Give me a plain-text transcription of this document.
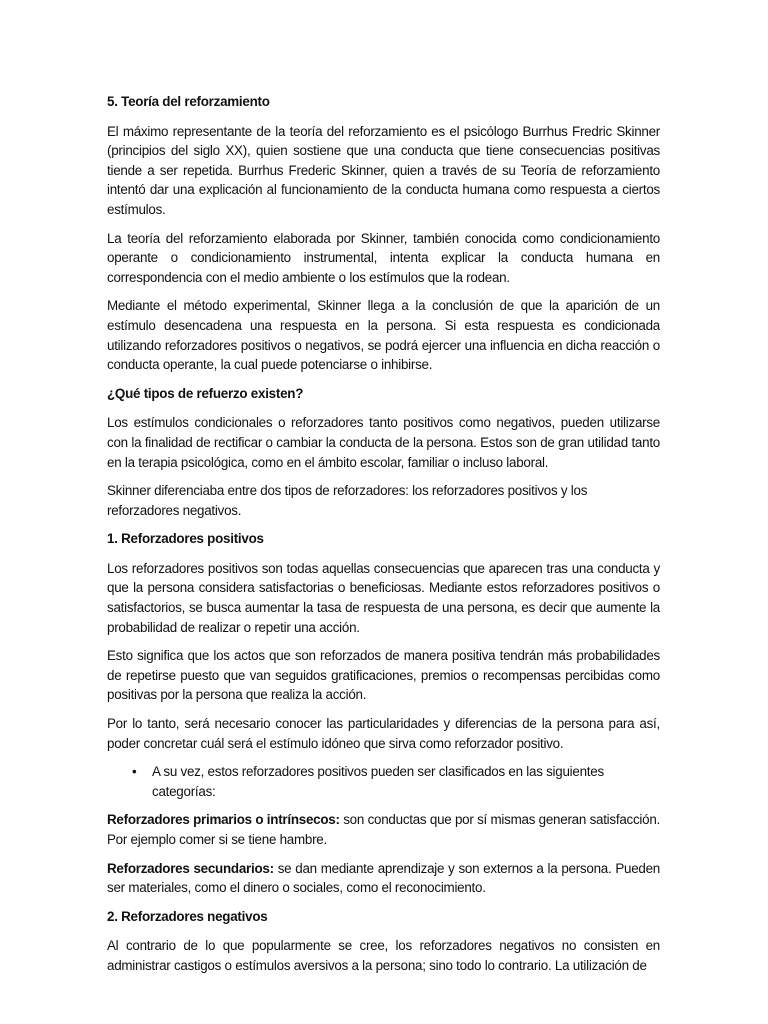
5. Teoría del reforzamiento

El máximo representante de la teoría del reforzamiento es el psicólogo Burrhus Fredric Skinner (principios del siglo XX), quien sostiene que una conducta que tiene consecuencias positivas tiende a ser repetida. Burrhus Frederic Skinner, quien a través de su Teoría de reforzamiento intentó dar una explicación al funcionamiento de la conducta humana como respuesta a ciertos estímulos.

La teoría del reforzamiento elaborada por Skinner, también conocida como condicionamiento operante o condicionamiento instrumental, intenta explicar la conducta humana en correspondencia con el medio ambiente o los estímulos que la rodean.

Mediante el método experimental, Skinner llega a la conclusión de que la aparición de un estímulo desencadena una respuesta en la persona. Si esta respuesta es condicionada utilizando reforzadores positivos o negativos, se podrá ejercer una influencia en dicha reacción o conducta operante, la cual puede potenciarse o inhibirse.

¿Qué tipos de refuerzo existen?

Los estímulos condicionales o reforzadores tanto positivos como negativos, pueden utilizarse con la finalidad de rectificar o cambiar la conducta de la persona. Estos son de gran utilidad tanto en la terapia psicológica, como en el ámbito escolar, familiar o incluso laboral.

Skinner diferenciaba entre dos tipos de reforzadores: los reforzadores positivos y los reforzadores negativos.

1. Reforzadores positivos

Los reforzadores positivos son todas aquellas consecuencias que aparecen tras una conducta y que la persona considera satisfactorias o beneficiosas. Mediante estos reforzadores positivos o satisfactorios, se busca aumentar la tasa de respuesta de una persona, es decir que aumente la probabilidad de realizar o repetir una acción.

Esto significa que los actos que son reforzados de manera positiva tendrán más probabilidades de repetirse puesto que van seguidos gratificaciones, premios o recompensas percibidas como positivas por la persona que realiza la acción.

Por lo tanto, será necesario conocer las particularidades y diferencias de la persona para así, poder concretar cuál será el estímulo idóneo que sirva como reforzador positivo.

• A su vez, estos reforzadores positivos pueden ser clasificados en las siguientes categorías:

Reforzadores primarios o intrínsecos: son conductas que por sí mismas generan satisfacción. Por ejemplo comer si se tiene hambre.

Reforzadores secundarios: se dan mediante aprendizaje y son externos a la persona. Pueden ser materiales, como el dinero o sociales, como el reconocimiento.

2. Reforzadores negativos

Al contrario de lo que popularmente se cree, los reforzadores negativos no consisten en administrar castigos o estímulos aversivos a la persona; sino todo lo contrario. La utilización de
